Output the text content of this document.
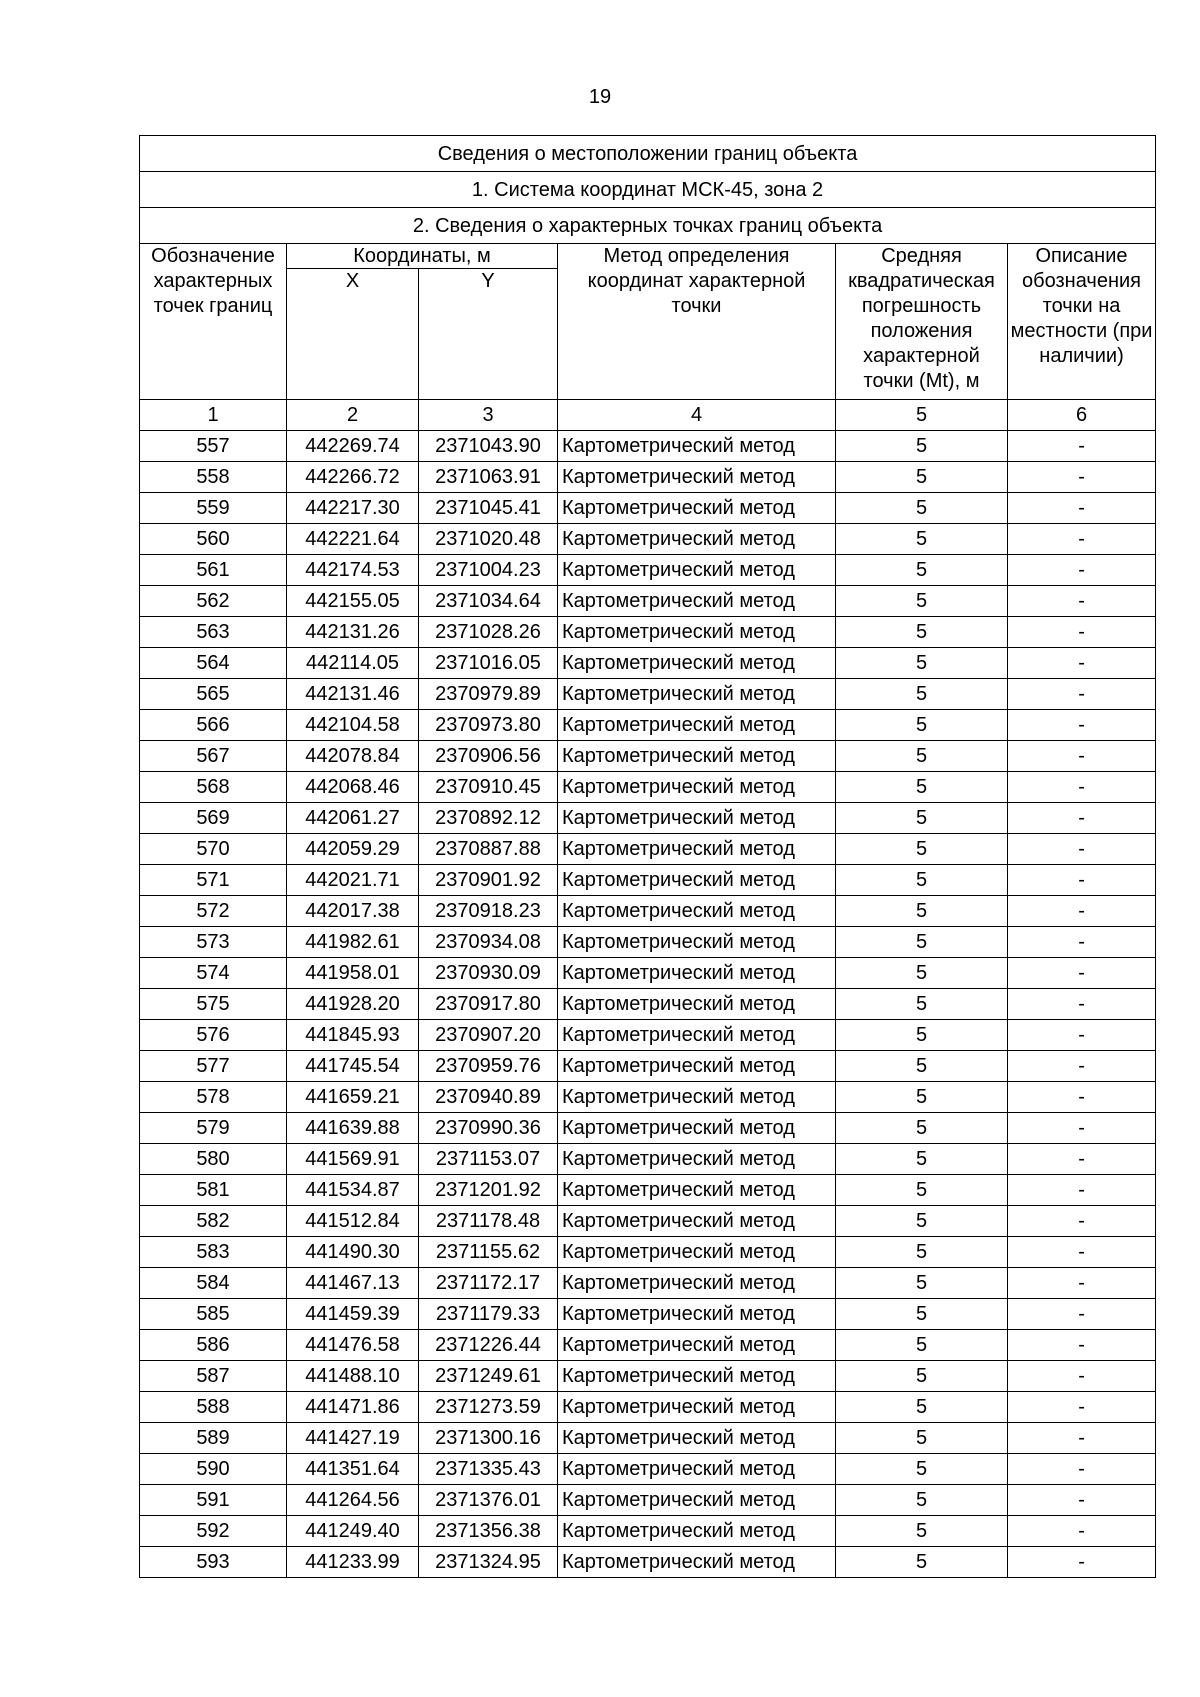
19
Сведения о местоположении границ объекта					
1. Система координат МСК-45, зона 2					
2. Сведения о характерных точках границ объекта					
Обозначение характерных точек границ	Координаты, м		Метод определения координат характерной точки	Средняя квадратическая погрешность положения характерной точки (Mt), м	Описание обозначения точки на местности (при наличии)
	X	Y			
1	2	3	4	5	6
557	442269.74	2371043.90	Картометрический метод	5	-
558	442266.72	2371063.91	Картометрический метод	5	-
559	442217.30	2371045.41	Картометрический метод	5	-
560	442221.64	2371020.48	Картометрический метод	5	-
561	442174.53	2371004.23	Картометрический метод	5	-
562	442155.05	2371034.64	Картометрический метод	5	-
563	442131.26	2371028.26	Картометрический метод	5	-
564	442114.05	2371016.05	Картометрический метод	5	-
565	442131.46	2370979.89	Картометрический метод	5	-
566	442104.58	2370973.80	Картометрический метод	5	-
567	442078.84	2370906.56	Картометрический метод	5	-
568	442068.46	2370910.45	Картометрический метод	5	-
569	442061.27	2370892.12	Картометрический метод	5	-
570	442059.29	2370887.88	Картометрический метод	5	-
571	442021.71	2370901.92	Картометрический метод	5	-
572	442017.38	2370918.23	Картометрический метод	5	-
573	441982.61	2370934.08	Картометрический метод	5	-
574	441958.01	2370930.09	Картометрический метод	5	-
575	441928.20	2370917.80	Картометрический метод	5	-
576	441845.93	2370907.20	Картометрический метод	5	-
577	441745.54	2370959.76	Картометрический метод	5	-
578	441659.21	2370940.89	Картометрический метод	5	-
579	441639.88	2370990.36	Картометрический метод	5	-
580	441569.91	2371153.07	Картометрический метод	5	-
581	441534.87	2371201.92	Картометрический метод	5	-
582	441512.84	2371178.48	Картометрический метод	5	-
583	441490.30	2371155.62	Картометрический метод	5	-
584	441467.13	2371172.17	Картометрический метод	5	-
585	441459.39	2371179.33	Картометрический метод	5	-
586	441476.58	2371226.44	Картометрический метод	5	-
587	441488.10	2371249.61	Картометрический метод	5	-
588	441471.86	2371273.59	Картометрический метод	5	-
589	441427.19	2371300.16	Картометрический метод	5	-
590	441351.64	2371335.43	Картометрический метод	5	-
591	441264.56	2371376.01	Картометрический метод	5	-
592	441249.40	2371356.38	Картометрический метод	5	-
593	441233.99	2371324.95	Картометрический метод	5	-
